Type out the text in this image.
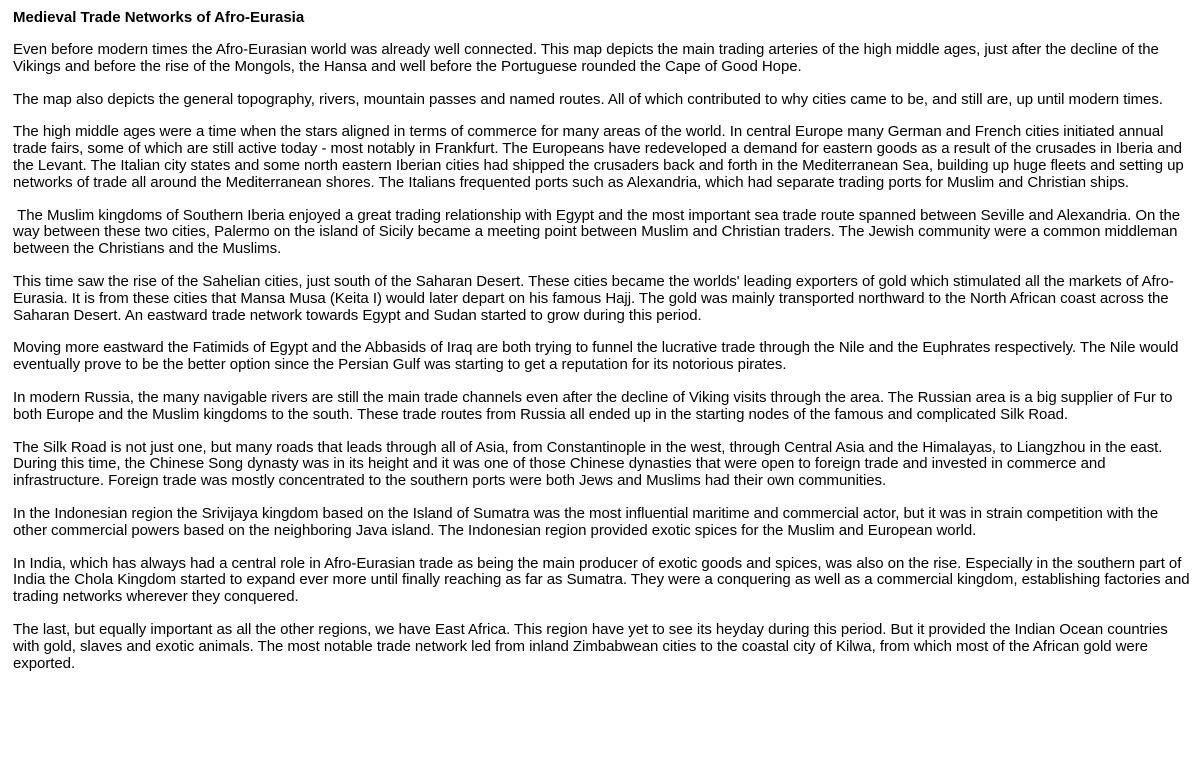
Medieval Trade Networks of Afro-Eurasia

Even before modern times the Afro-Eurasian world was already well connected. This map depicts the main trading arteries of the high middle ages, just after the decline of the Vikings and before the rise of the Mongols, the Hansa and well before the Portuguese rounded the Cape of Good Hope.

The map also depicts the general topography, rivers, mountain passes and named routes. All of which contributed to why cities came to be, and still are, up until modern times.

The high middle ages were a time when the stars aligned in terms of commerce for many areas of the world. In central Europe many German and French cities initiated annual trade fairs, some of which are still active today - most notably in Frankfurt. The Europeans have redeveloped a demand for eastern goods as a result of the crusades in Iberia and the Levant. The Italian city states and some north eastern Iberian cities had shipped the crusaders back and forth in the Mediterranean Sea, building up huge fleets and setting up networks of trade all around the Mediterranean shores. The Italians frequented ports such as Alexandria, which had separate trading ports for Muslim and Christian ships.

The Muslim kingdoms of Southern Iberia enjoyed a great trading relationship with Egypt and the most important sea trade route spanned between Seville and Alexandria. On the way between these two cities, Palermo on the island of Sicily became a meeting point between Muslim and Christian traders. The Jewish community were a common middleman between the Christians and the Muslims.

This time saw the rise of the Sahelian cities, just south of the Saharan Desert. These cities became the worlds' leading exporters of gold which stimulated all the markets of Afro-Eurasia. It is from these cities that Mansa Musa (Keita I) would later depart on his famous Hajj. The gold was mainly transported northward to the North African coast across the Saharan Desert. An eastward trade network towards Egypt and Sudan started to grow during this period.

Moving more eastward the Fatimids of Egypt and the Abbasids of Iraq are both trying to funnel the lucrative trade through the Nile and the Euphrates respectively. The Nile would eventually prove to be the better option since the Persian Gulf was starting to get a reputation for its notorious pirates.

In modern Russia, the many navigable rivers are still the main trade channels even after the decline of Viking visits through the area. The Russian area is a big supplier of Fur to both Europe and the Muslim kingdoms to the south. These trade routes from Russia all ended up in the starting nodes of the famous and complicated Silk Road.

The Silk Road is not just one, but many roads that leads through all of Asia, from Constantinople in the west, through Central Asia and the Himalayas, to Liangzhou in the east. During this time, the Chinese Song dynasty was in its height and it was one of those Chinese dynasties that were open to foreign trade and invested in commerce and infrastructure. Foreign trade was mostly concentrated to the southern ports were both Jews and Muslims had their own communities.

In the Indonesian region the Srivijaya kingdom based on the Island of Sumatra was the most influential maritime and commercial actor, but it was in strain competition with the other commercial powers based on the neighboring Java island. The Indonesian region provided exotic spices for the Muslim and European world.

In India, which has always had a central role in Afro-Eurasian trade as being the main producer of exotic goods and spices, was also on the rise. Especially in the southern part of India the Chola Kingdom started to expand ever more until finally reaching as far as Sumatra. They were a conquering as well as a commercial kingdom, establishing factories and trading networks wherever they conquered.

The last, but equally important as all the other regions, we have East Africa. This region have yet to see its heyday during this period. But it provided the Indian Ocean countries with gold, slaves and exotic animals. The most notable trade network led from inland Zimbabwean cities to the coastal city of Kilwa, from which most of the African gold were exported.
